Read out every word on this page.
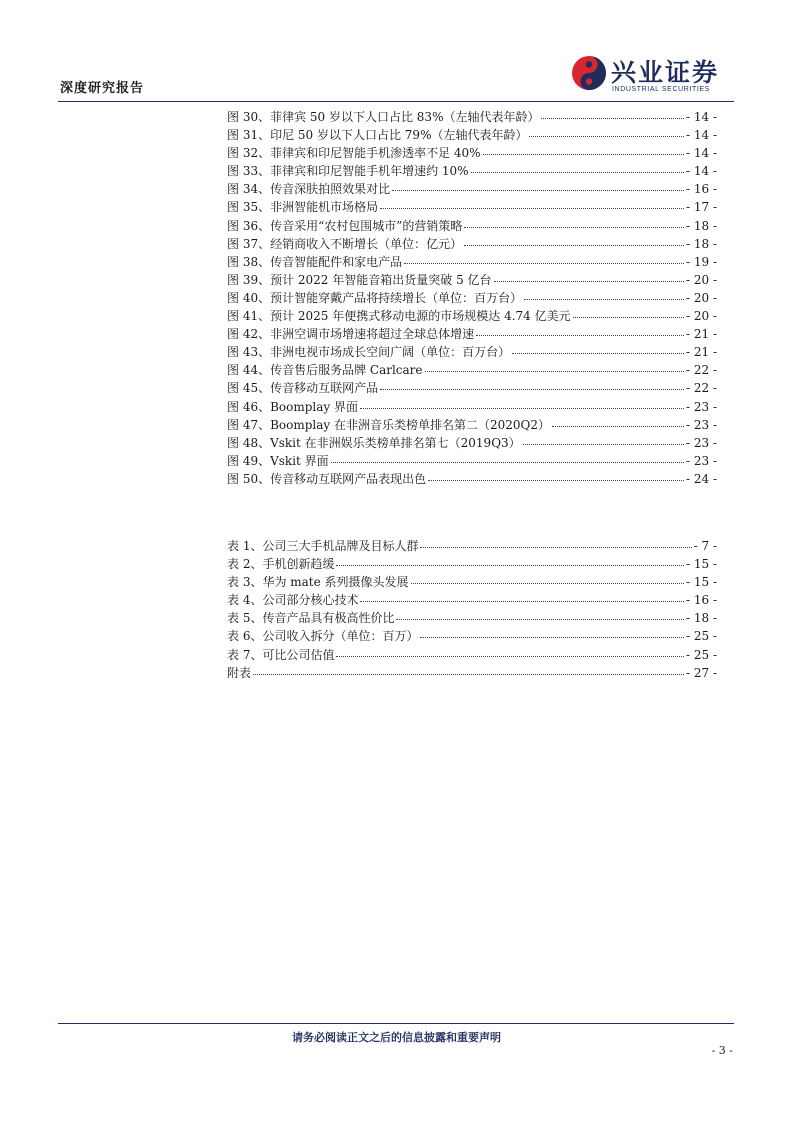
深度研究报告
兴业证券
INDUSTRIAL SECURITIES
图 30、菲律宾 50 岁以下人口占比 83%（左轴代表年龄）	- 14 -
图 31、印尼 50 岁以下人口占比 79%（左轴代表年龄）	- 14 -
图 32、菲律宾和印尼智能手机渗透率不足 40%	- 14 -
图 33、菲律宾和印尼智能手机年增速约 10%	- 14 -
图 34、传音深肤拍照效果对比	- 16 -
图 35、非洲智能机市场格局	- 17 -
图 36、传音采用“农村包围城市”的营销策略	- 18 -
图 37、经销商收入不断增长（单位：亿元）	- 18 -
图 38、传音智能配件和家电产品	- 19 -
图 39、预计 2022 年智能音箱出货量突破 5 亿台	- 20 -
图 40、预计智能穿戴产品将持续增长（单位：百万台）	- 20 -
图 41、预计 2025 年便携式移动电源的市场规模达 4.74 亿美元	- 20 -
图 42、非洲空调市场增速将超过全球总体增速	- 21 -
图 43、非洲电视市场成长空间广阔（单位：百万台）	- 21 -
图 44、传音售后服务品牌 Carlcare	- 22 -
图 45、传音移动互联网产品	- 22 -
图 46、Boomplay 界面	- 23 -
图 47、Boomplay 在非洲音乐类榜单排名第二（2020Q2）	- 23 -
图 48、Vskit 在非洲娱乐类榜单排名第七（2019Q3）	- 23 -
图 49、Vskit 界面	- 23 -
图 50、传音移动互联网产品表现出色	- 24 -
表 1、公司三大手机品牌及目标人群	- 7 -
表 2、手机创新趋缓	- 15 -
表 3、华为 mate 系列摄像头发展	- 15 -
表 4、公司部分核心技术	- 16 -
表 5、传音产品具有极高性价比	- 18 -
表 6、公司收入拆分（单位：百万）	- 25 -
表 7、可比公司估值	- 25 -
附表	- 27 -
请务必阅读正文之后的信息披露和重要声明
- 3 -
